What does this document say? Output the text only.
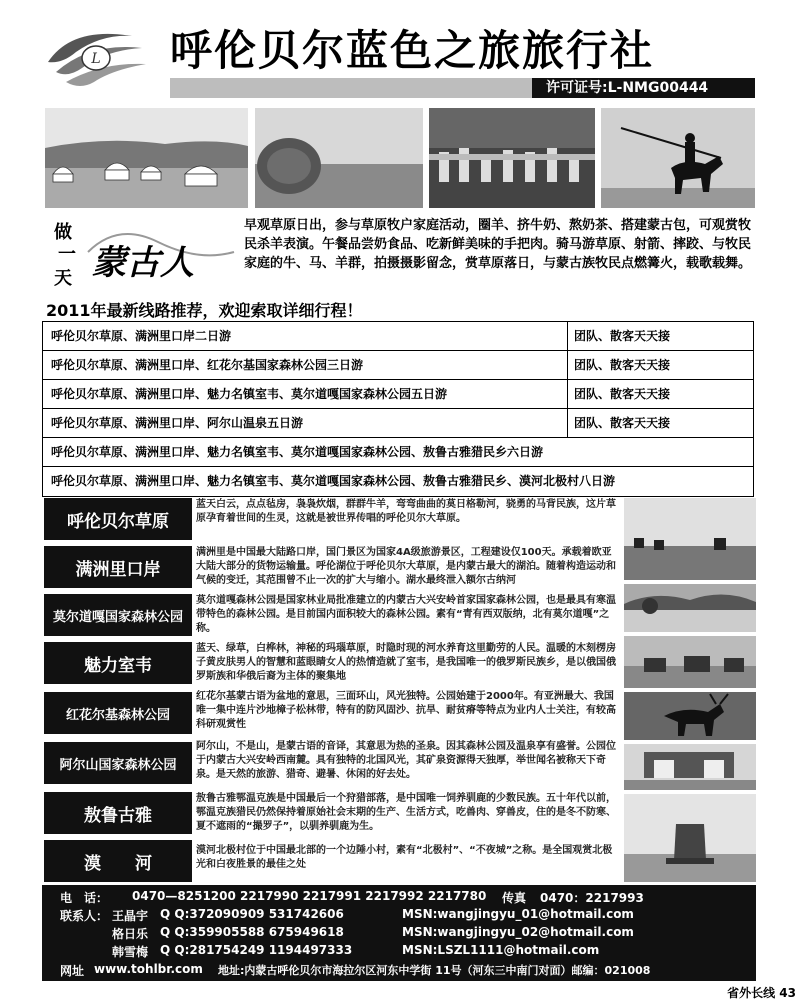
L 呼伦贝尔蓝色之旅旅行社
许可证号:L-NMG00444
做
一
天 蒙古人
早观草原日出，参与草原牧户家庭活动，圈羊、挤牛奶、熬奶茶、搭建蒙古包，可观赏牧民杀羊表演。午餐品尝奶食品、吃新鲜美味的手把肉。骑马游草原、射箭、摔跤、与牧民家庭的牛、马、羊群，拍摄摄影留念，赏草原落日，与蒙古族牧民点燃篝火，载歌载舞。
2011年最新线路推荐，欢迎索取详细行程！
呼伦贝尔草原、满洲里口岸二日游	团队、散客天天接
呼伦贝尔草原、满洲里口岸、红花尔基国家森林公园三日游	团队、散客天天接
呼伦贝尔草原、满洲里口岸、魅力名镇室韦、莫尔道嘎国家森林公园五日游	团队、散客天天接
呼伦贝尔草原、满洲里口岸、阿尔山温泉五日游	团队、散客天天接
呼伦贝尔草原、满洲里口岸、魅力名镇室韦、莫尔道嘎国家森林公园、敖鲁古雅猎民乡六日游
呼伦贝尔草原、满洲里口岸、魅力名镇室韦、莫尔道嘎国家森林公园、敖鲁古雅猎民乡、漠河北极村八日游
呼伦贝尔草原
蓝天白云，点点毡房，袅袅炊烟，群群牛羊，弯弯曲曲的莫日格勒河，骁勇的马背民族，这片草原孕育着世间的生灵，这就是被世界传唱的呼伦贝尔大草原。
满洲里口岸
满洲里是中国最大陆路口岸，国门景区为国家4A级旅游景区，工程建设仅100天。承载着欧亚大陆大部分的货物运输量。呼伦湖位于呼伦贝尔大草原，是内蒙古最大的湖泊。随着构造运动和气候的变迁，其范围曾不止一次的扩大与缩小。湖水最终泄入额尔古纳河
莫尔道嘎国家森林公园
莫尔道嘎森林公园是国家林业局批准建立的内蒙古大兴安岭首家国家森林公园，也是最具有寒温带特色的森林公园。是目前国内面积较大的森林公园。素有“青有西双版纳，北有莫尔道嘎”之称。
魅力室韦
蓝天、绿草，白桦林，神秘的玛瑙草原，时隐时现的河水养育这里勤劳的人民。温暖的木刻楞房子黄皮肤男人的智慧和蓝眼睛女人的热情造就了室韦，是我国唯一的俄罗斯民族乡，是以俄国俄罗斯族和华俄后裔为主体的聚集地
红花尔基森林公园
红花尔基蒙古语为盆地的意思，三面环山，风光独特。公园始建于2000年。有亚洲最大、我国唯一集中连片沙地樟子松林带，特有的防风固沙、抗旱、耐贫瘠等特点为业内人士关注，有较高科研观赏性
阿尔山国家森林公园
阿尔山，不是山，是蒙古语的音译，其意思为热的圣泉。因其森林公园及温泉享有盛誉。公园位于内蒙古大兴安岭西南麓。具有独特的北国风光，其矿泉资源得天独厚，举世闻名被称天下奇泉。是天然的旅游、猎奇、避暑、休闲的好去处。
敖鲁古雅
敖鲁古雅鄂温克族是中国最后一个狩猎部落，是中国唯一饲养驯鹿的少数民族。五十年代以前，鄂温克族猎民仍然保持着原始社会末期的生产、生活方式，吃兽肉、穿兽皮，住的是冬不防寒、夏不遮雨的“撮罗子”，以驯养驯鹿为生。
漠　　河
漠河北极村位于中国最北部的一个边陲小村，素有“北极村”、“不夜城”之称。是全国观赏北极光和白夜胜景的最佳之处
电　话： 0470—8251200 2217990 2217991 2217992 2217780 传真 0470：2217993
联系人： 王晶宇 Q Q:372090909 531742606	MSN:wangjingyu_01@hotmail.com
格日乐 Q Q:359905588 675949618	MSN:wangjingyu_02@hotmail.com
韩雪梅 Q Q:281754249 1194497333	MSN:LSZL1111@hotmail.com
网址 www.tohlbr.com 地址:内蒙古呼伦贝尔市海拉尔区河东中学街 11号（河东三中南门对面）邮编：021008
省外长线 43
